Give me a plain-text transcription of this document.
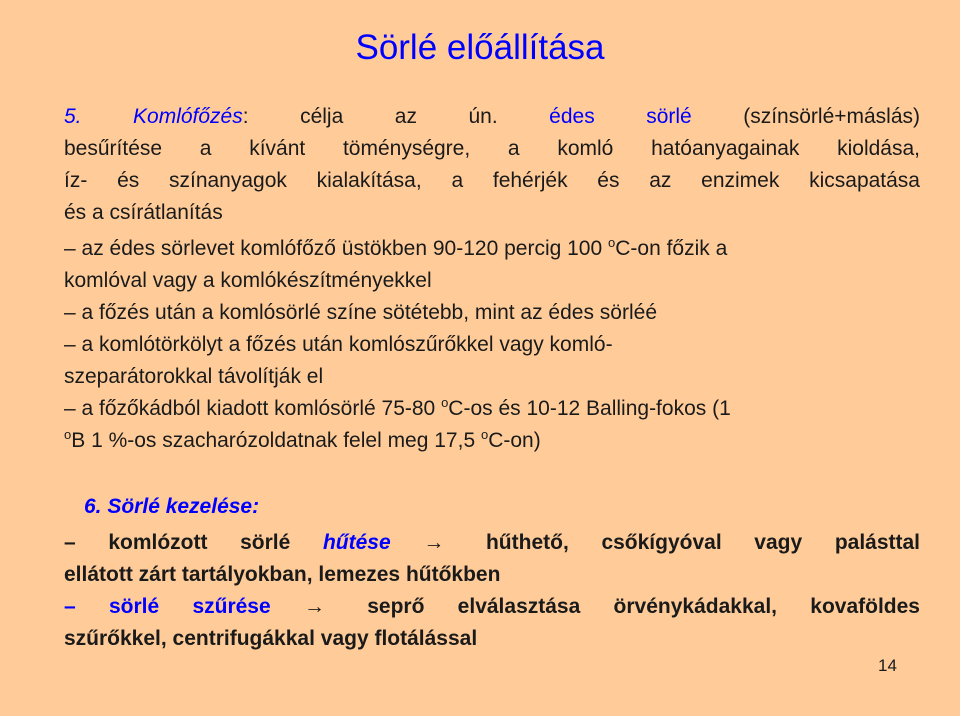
Sörlé előállítása
5. Komlófőzés: célja az ún. édes sörlé (színsörlé+máslás)
besűrítése a kívánt töménységre, a komló hatóanyagainak kioldása,
íz- és színanyagok kialakítása, a fehérjék és az enzimek kicsapatása
és a csírátlanítás
– az édes sörlevet komlófőző üstökben 90-120 percig 100 $^o$C-on főzik a
komlóval vagy a komlókészítményekkel
– a főzés után a komlósörlé színe sötétebb, mint az édes sörléé
– a komlótörkölyt a főzés után komlószűrőkkel vagy komló-
szeparátorokkal távolítják el
– a főzőkádból kiadott komlósörlé 75-80 $^o$C-os és 10-12 Balling-fokos (1
$^o$B 1 %-os szacharózoldatnak felel meg 17,5 $^o$C-on)
6. Sörlé kezelése:
– komlózott sörlé hűtése → hűthető, csőkígyóval vagy palásttal
ellátott zárt tartályokban, lemezes hűtőkben
– sörlé szűrése → seprő elválasztása örvénykádakkal, kovaföldes
szűrőkkel, centrifugákkal vagy flotálással
14
